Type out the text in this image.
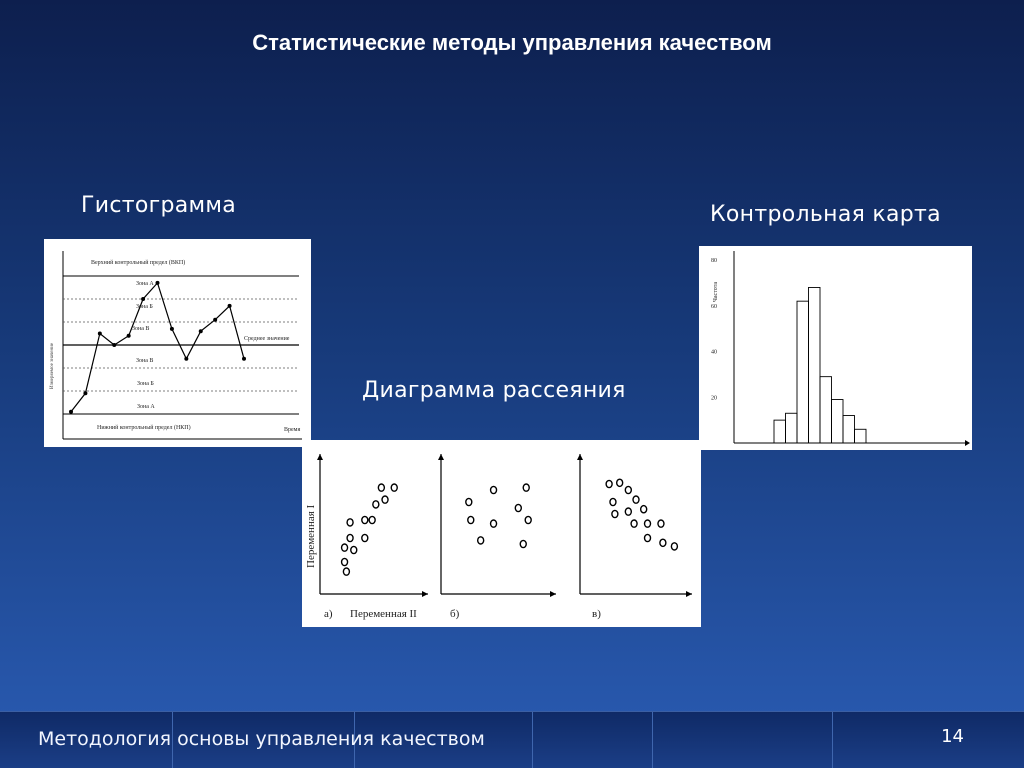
Статистические методы управления качеством
Гистограмма	Контрольная карта
Диаграмма рассеяния
Измеряемое значение
Время
Верхний контрольный предел (ВКП)
Нижний контрольный предел (НКП)
Среднее значение
Зона А
Зона Б
Зона В
Зона В
Зона Б
Зона А
Частота
80
60
40
20
Переменная I
Переменная II
а)	б)	в)
Методология основы управления качеством	14
